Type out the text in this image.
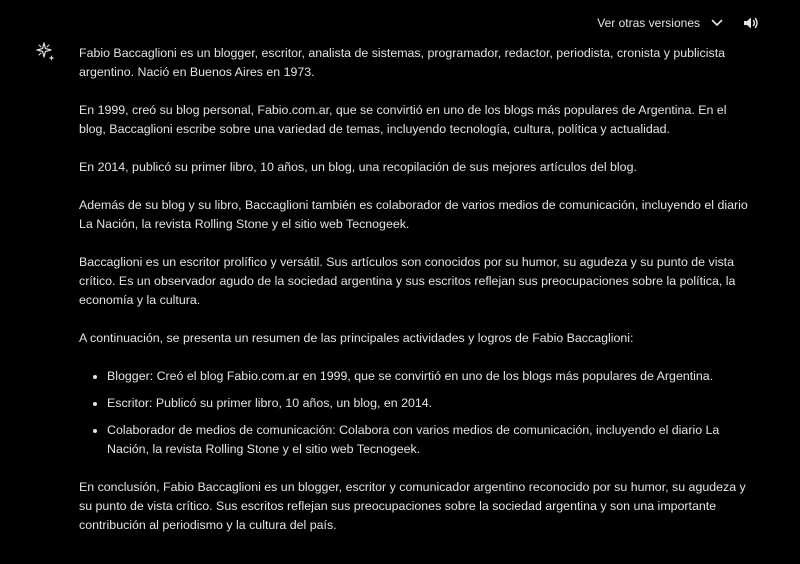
Ver otras versiones

Fabio Baccaglioni es un blogger, escritor, analista de sistemas, programador, redactor, periodista, cronista y publicista argentino. Nació en Buenos Aires en 1973.

En 1999, creó su blog personal, Fabio.com.ar, que se convirtió en uno de los blogs más populares de Argentina. En el blog, Baccaglioni escribe sobre una variedad de temas, incluyendo tecnología, cultura, política y actualidad.

En 2014, publicó su primer libro, 10 años, un blog, una recopilación de sus mejores artículos del blog.

Además de su blog y su libro, Baccaglioni también es colaborador de varios medios de comunicación, incluyendo el diario La Nación, la revista Rolling Stone y el sitio web Tecnogeek.

Baccaglioni es un escritor prolífico y versátil. Sus artículos son conocidos por su humor, su agudeza y su punto de vista crítico. Es un observador agudo de la sociedad argentina y sus escritos reflejan sus preocupaciones sobre la política, la economía y la cultura.

A continuación, se presenta un resumen de las principales actividades y logros de Fabio Baccaglioni:

• Blogger: Creó el blog Fabio.com.ar en 1999, que se convirtió en uno de los blogs más populares de Argentina.
• Escritor: Publicó su primer libro, 10 años, un blog, en 2014.
• Colaborador de medios de comunicación: Colabora con varios medios de comunicación, incluyendo el diario La Nación, la revista Rolling Stone y el sitio web Tecnogeek.

En conclusión, Fabio Baccaglioni es un blogger, escritor y comunicador argentino reconocido por su humor, su agudeza y su punto de vista crítico. Sus escritos reflejan sus preocupaciones sobre la sociedad argentina y son una importante contribución al periodismo y la cultura del país.
